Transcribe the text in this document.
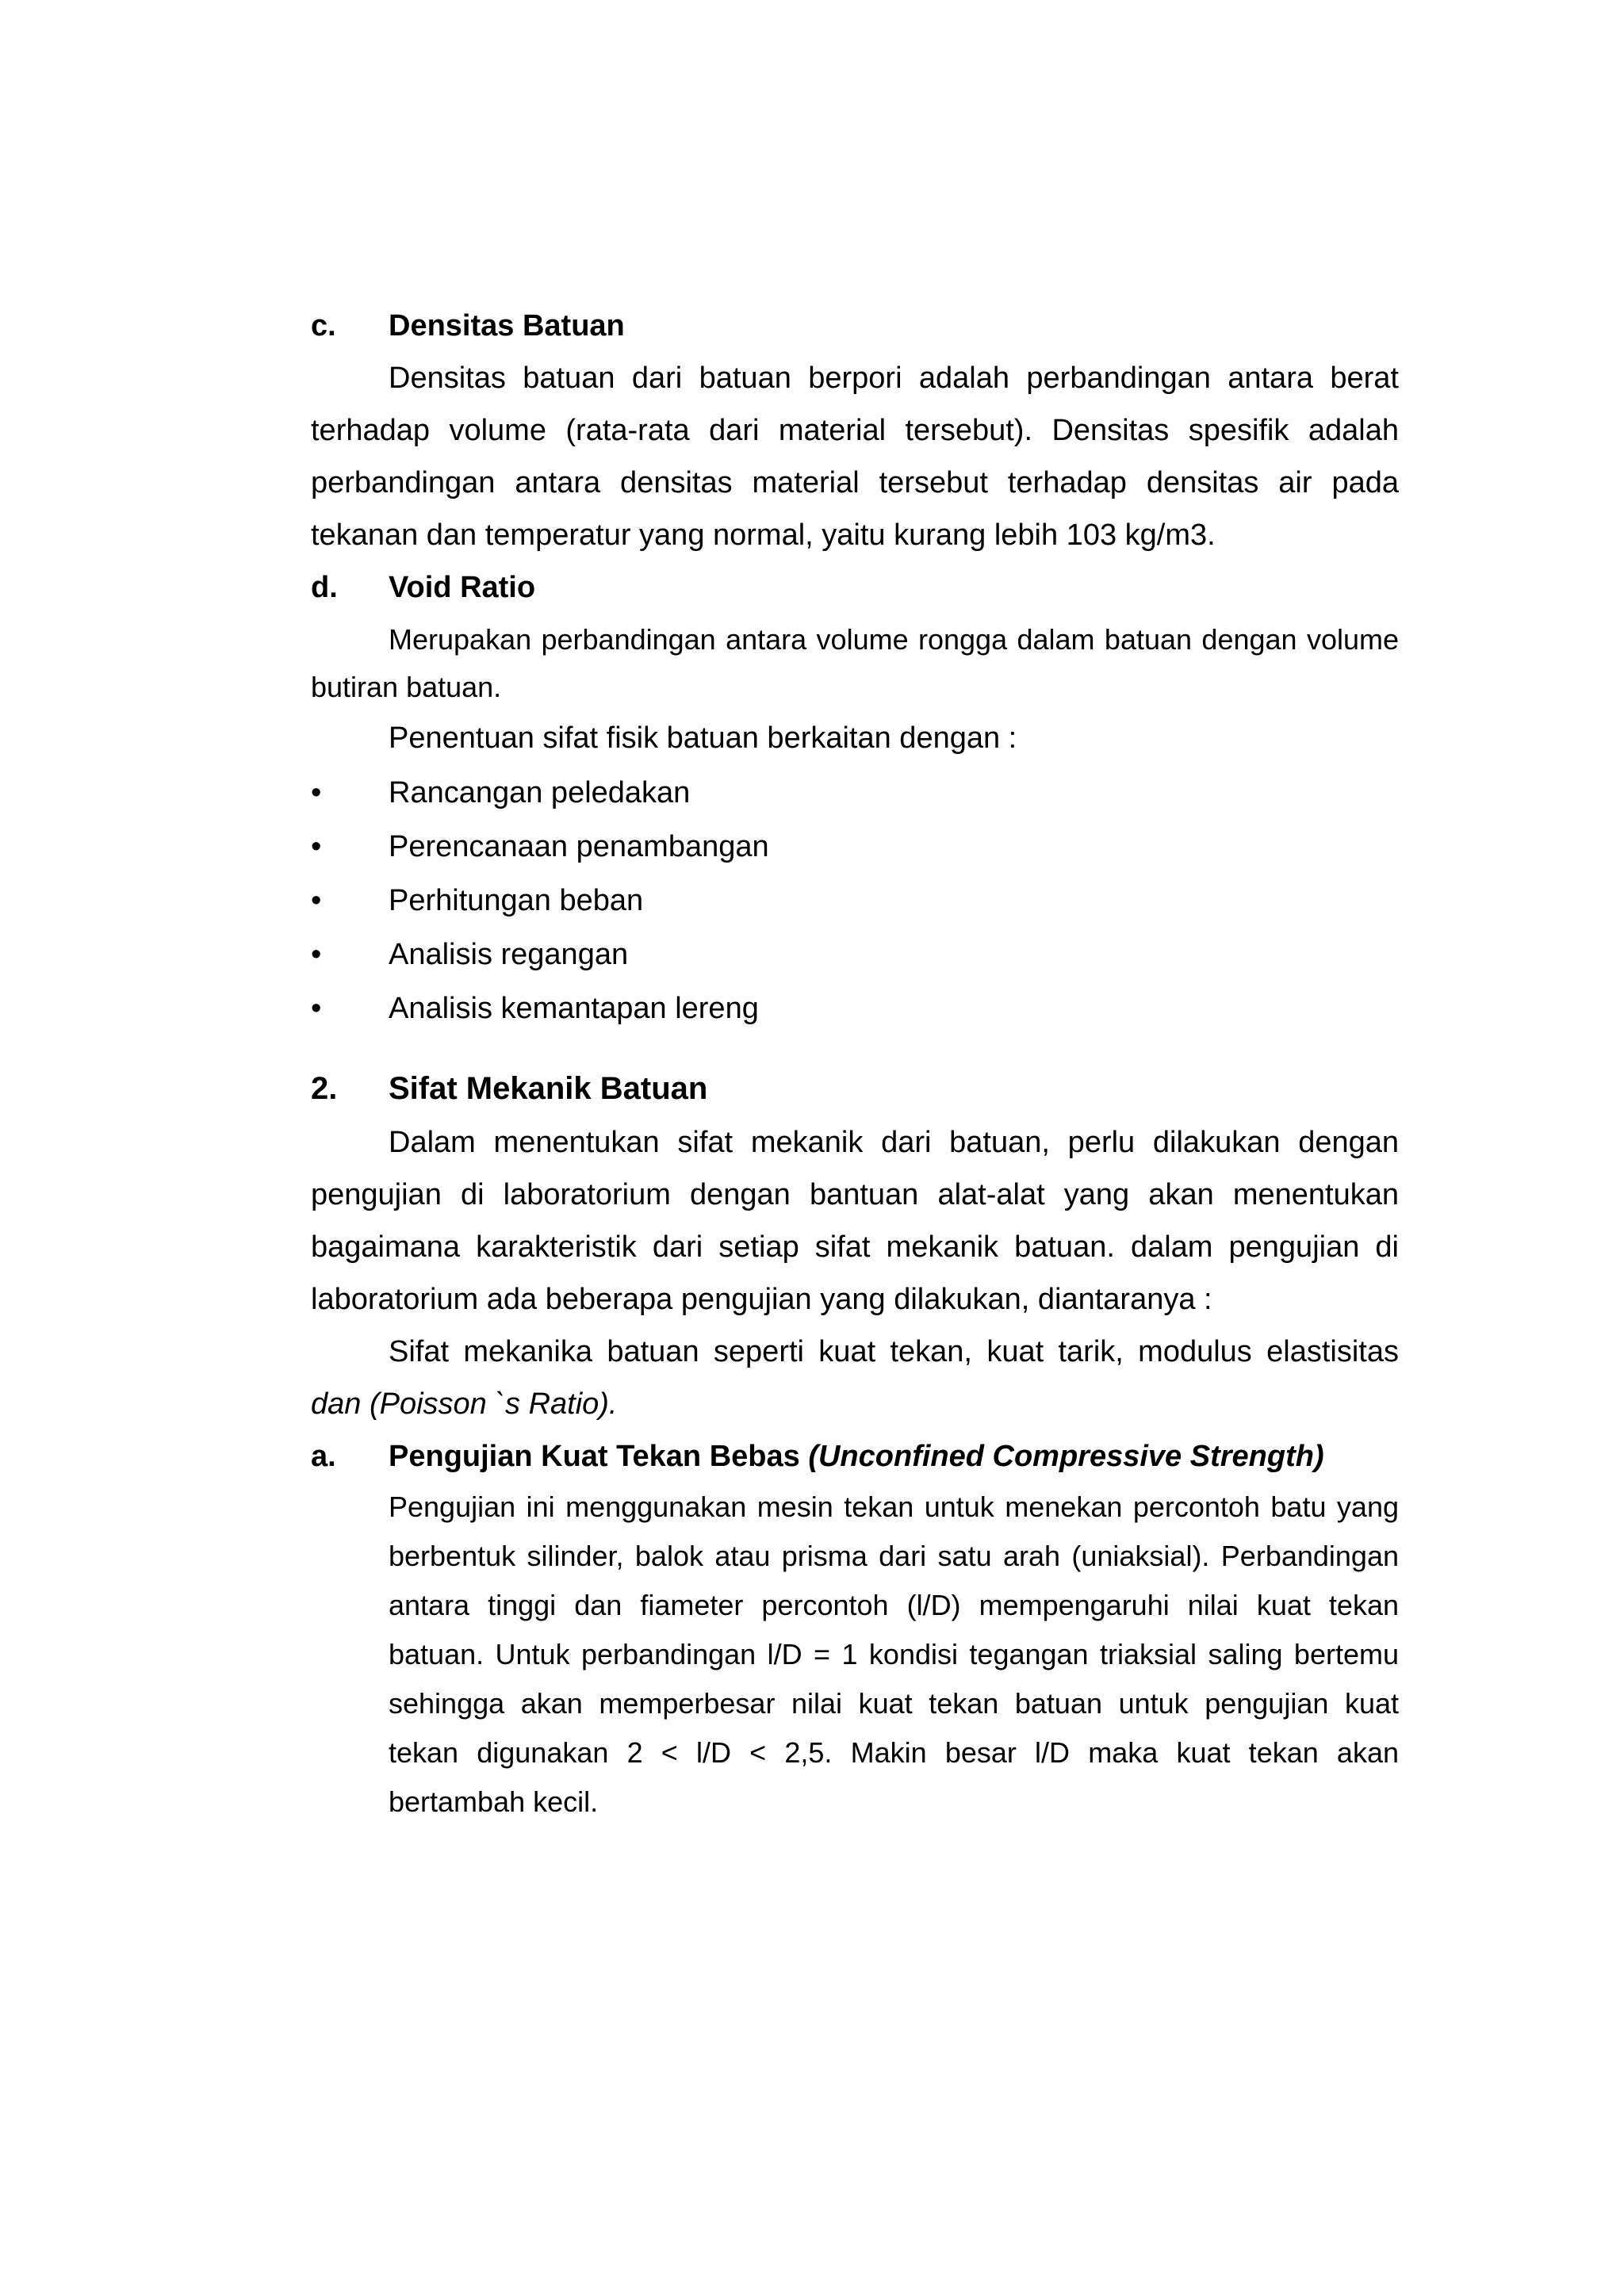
c. Densitas Batuan
Densitas batuan dari batuan berpori adalah perbandingan antara berat
terhadap volume (rata-rata dari material tersebut). Densitas spesifik adalah
perbandingan antara densitas material tersebut terhadap densitas air pada
tekanan dan temperatur yang normal, yaitu kurang lebih 103 kg/m3.
d. Void Ratio
Merupakan perbandingan antara volume rongga dalam batuan dengan volume
butiran batuan.
Penentuan sifat fisik batuan berkaitan dengan :
•	Rancangan peledakan
•	Perencanaan penambangan
•	Perhitungan beban
•	Analisis regangan
•	Analisis kemantapan lereng
2. Sifat Mekanik Batuan
Dalam menentukan sifat mekanik dari batuan, perlu dilakukan dengan
pengujian di laboratorium dengan bantuan alat-alat yang akan menentukan
bagaimana karakteristik dari setiap sifat mekanik batuan. dalam pengujian di
laboratorium ada beberapa pengujian yang dilakukan, diantaranya :
Sifat mekanika batuan seperti kuat tekan, kuat tarik, modulus elastisitas
dan (Poisson `s Ratio).
a. Pengujian Kuat Tekan Bebas (Unconfined Compressive Strength)
Pengujian ini menggunakan mesin tekan untuk menekan percontoh batu yang
berbentuk silinder, balok atau prisma dari satu arah (uniaksial). Perbandingan
antara tinggi dan fiameter percontoh (l/D) mempengaruhi nilai kuat tekan
batuan. Untuk perbandingan l/D = 1 kondisi tegangan triaksial saling bertemu
sehingga akan memperbesar nilai kuat tekan batuan untuk pengujian kuat
tekan digunakan 2 < l/D < 2,5. Makin besar l/D maka kuat tekan akan
bertambah kecil.
